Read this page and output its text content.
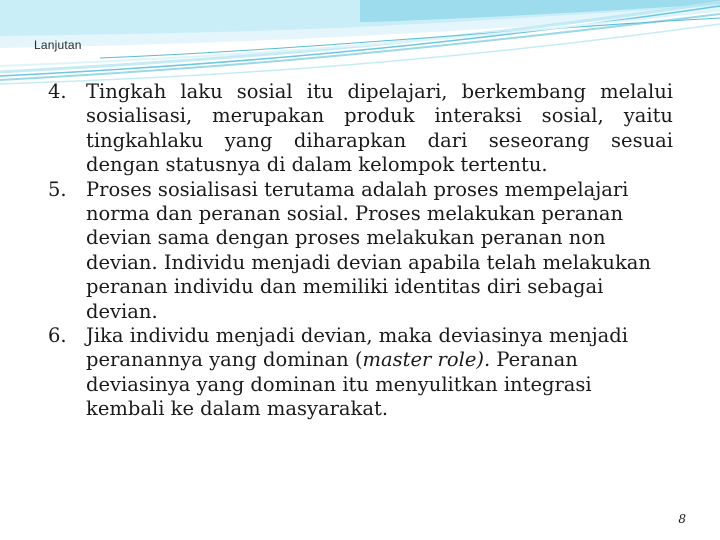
Lanjutan

4. Tingkah laku sosial itu dipelajari, berkembang melalui sosialisasi, merupakan produk interaksi sosial, yaitu tingkahlaku yang diharapkan dari seseorang sesuai dengan statusnya di dalam kelompok tertentu.

5. Proses sosialisasi terutama adalah proses mempelajari norma dan peranan sosial. Proses melakukan peranan devian sama dengan proses melakukan peranan non devian. Individu menjadi devian apabila telah melakukan peranan individu dan memiliki identitas diri sebagai devian.

6. Jika individu menjadi devian, maka deviasinya menjadi peranannya yang dominan (master role). Peranan deviasinya yang dominan itu menyulitkan integrasi kembali ke dalam masyarakat.

8
